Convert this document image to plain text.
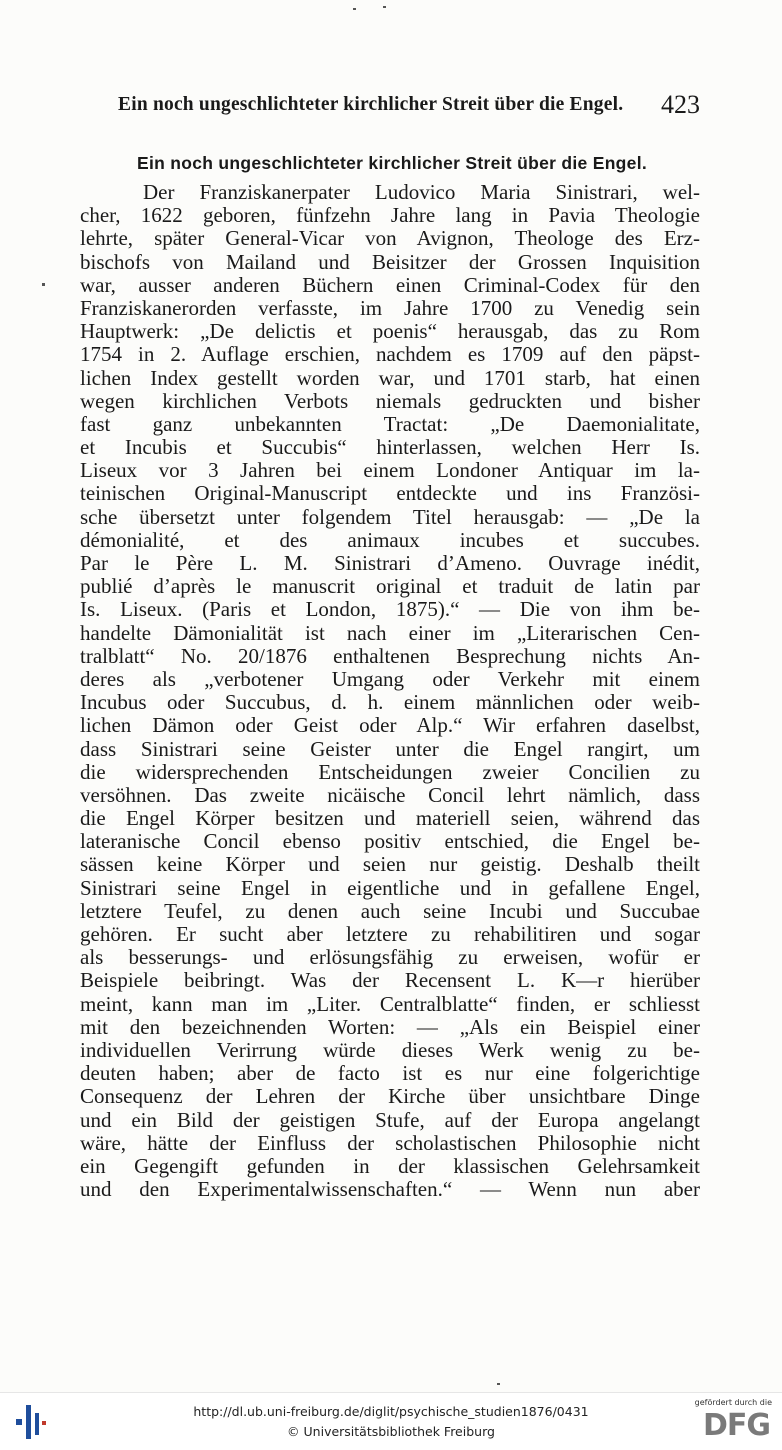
Ein noch ungeschlichteter kirchlicher Streit über die Engel. 423
Ein noch ungeschlichteter kirchlicher Streit über die Engel.
Der Franziskanerpater Ludovico Maria Sinistrari, wel-
cher, 1622 geboren, fünfzehn Jahre lang in Pavia Theologie
lehrte, später General-Vicar von Avignon, Theologe des Erz-
bischofs von Mailand und Beisitzer der Grossen Inquisition
war, ausser anderen Büchern einen Criminal-Codex für den
Franziskanerorden verfasste, im Jahre 1700 zu Venedig sein
Hauptwerk: „De delictis et poenis“ herausgab, das zu Rom
1754 in 2. Auflage erschien, nachdem es 1709 auf den päpst-
lichen Index gestellt worden war, und 1701 starb, hat einen
wegen kirchlichen Verbots niemals gedruckten und bisher
fast ganz unbekannten Tractat: „De Daemonialitate,
et Incubis et Succubis“ hinterlassen, welchen Herr Is.
Liseux vor 3 Jahren bei einem Londoner Antiquar im la-
teinischen Original-Manuscript entdeckte und ins Französi-
sche übersetzt unter folgendem Titel herausgab: — „De la
démonialité, et des animaux incubes et succubes.
Par le Père L. M. Sinistrari d’Ameno. Ouvrage inédit,
publié d’après le manuscrit original et traduit de latin par
Is. Liseux. (Paris et London, 1875).“ — Die von ihm be-
handelte Dämonialität ist nach einer im „Literarischen Cen-
tralblatt“ No. 20/1876 enthaltenen Besprechung nichts An-
deres als „verbotener Umgang oder Verkehr mit einem
Incubus oder Succubus, d. h. einem männlichen oder weib-
lichen Dämon oder Geist oder Alp.“ Wir erfahren daselbst,
dass Sinistrari seine Geister unter die Engel rangirt, um
die widersprechenden Entscheidungen zweier Concilien zu
versöhnen. Das zweite nicäische Concil lehrt nämlich, dass
die Engel Körper besitzen und materiell seien, während das
lateranische Concil ebenso positiv entschied, die Engel be-
sässen keine Körper und seien nur geistig. Deshalb theilt
Sinistrari seine Engel in eigentliche und in gefallene Engel,
letztere Teufel, zu denen auch seine Incubi und Succubae
gehören. Er sucht aber letztere zu rehabilitiren und sogar
als besserungs- und erlösungsfähig zu erweisen, wofür er
Beispiele beibringt. Was der Recensent L. K—r hierüber
meint, kann man im „Liter. Centralblatte“ finden, er schliesst
mit den bezeichnenden Worten: — „Als ein Beispiel einer
individuellen Verirrung würde dieses Werk wenig zu be-
deuten haben; aber de facto ist es nur eine folgerichtige
Consequenz der Lehren der Kirche über unsichtbare Dinge
und ein Bild der geistigen Stufe, auf der Europa angelangt
wäre, hätte der Einfluss der scholastischen Philosophie nicht
ein Gegengift gefunden in der klassischen Gelehrsamkeit
und den Experimentalwissenschaften.“ — Wenn nun aber
http://dl.ub.uni-freiburg.de/diglit/psychische_studien1876/0431
© Universitätsbibliothek Freiburg
gefördert durch die
DFG
